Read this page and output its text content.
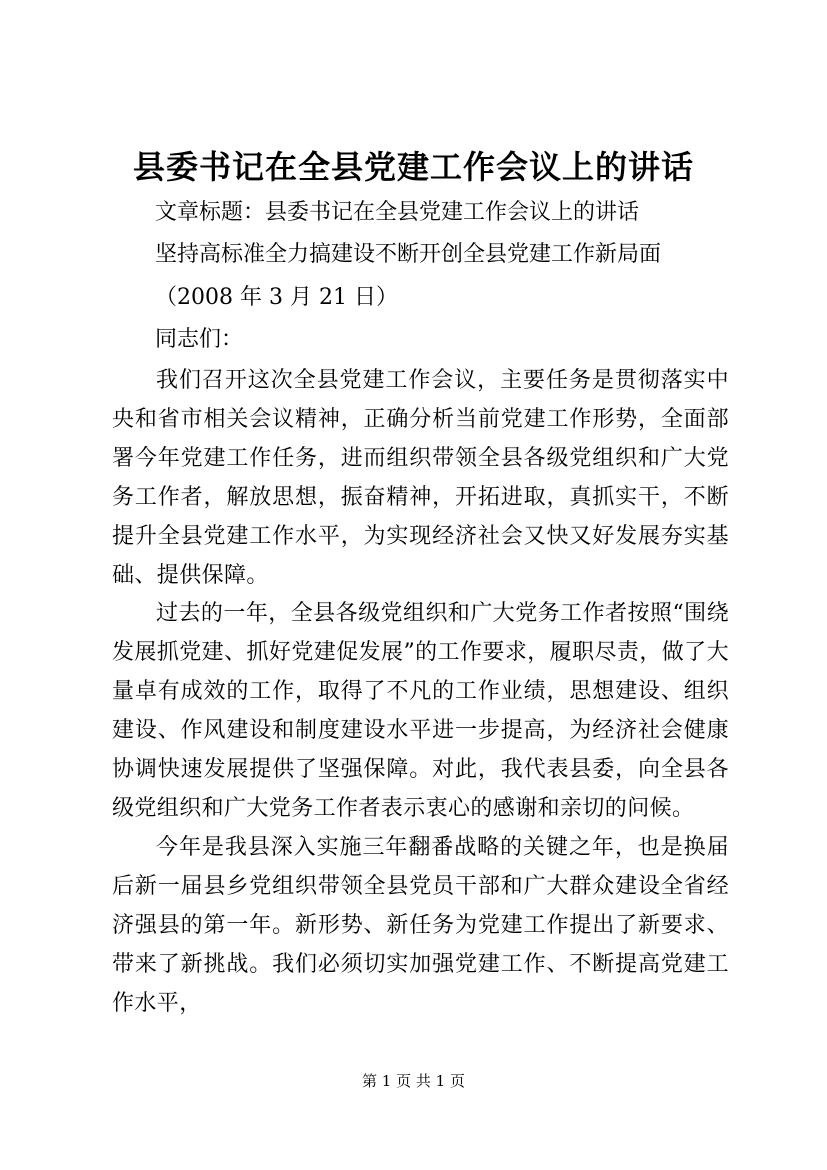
县委书记在全县党建工作会议上的讲话
文章标题：县委书记在全县党建工作会议上的讲话
坚持高标准全力搞建设不断开创全县党建工作新局面
（2008 年 3 月 21 日）
同志们：

我们召开这次全县党建工作会议，主要任务是贯彻落实中央和省市相关会议精神，正确分析当前党建工作形势，全面部署今年党建工作任务，进而组织带领全县各级党组织和广大党务工作者，解放思想，振奋精神，开拓进取，真抓实干，不断提升全县党建工作水平，为实现经济社会又快又好发展夯实基础、提供保障。

过去的一年，全县各级党组织和广大党务工作者按照“围绕发展抓党建、抓好党建促发展”的工作要求，履职尽责，做了大量卓有成效的工作，取得了不凡的工作业绩，思想建设、组织建设、作风建设和制度建设水平进一步提高，为经济社会健康协调快速发展提供了坚强保障。对此，我代表县委，向全县各级党组织和广大党务工作者表示衷心的感谢和亲切的问候。

今年是我县深入实施三年翻番战略的关键之年，也是换届后新一届县乡党组织带领全县党员干部和广大群众建设全省经济强县的第一年。新形势、新任务为党建工作提出了新要求、带来了新挑战。我们必须切实加强党建工作、不断提高党建工作水平，

第 1 页 共 1 页
